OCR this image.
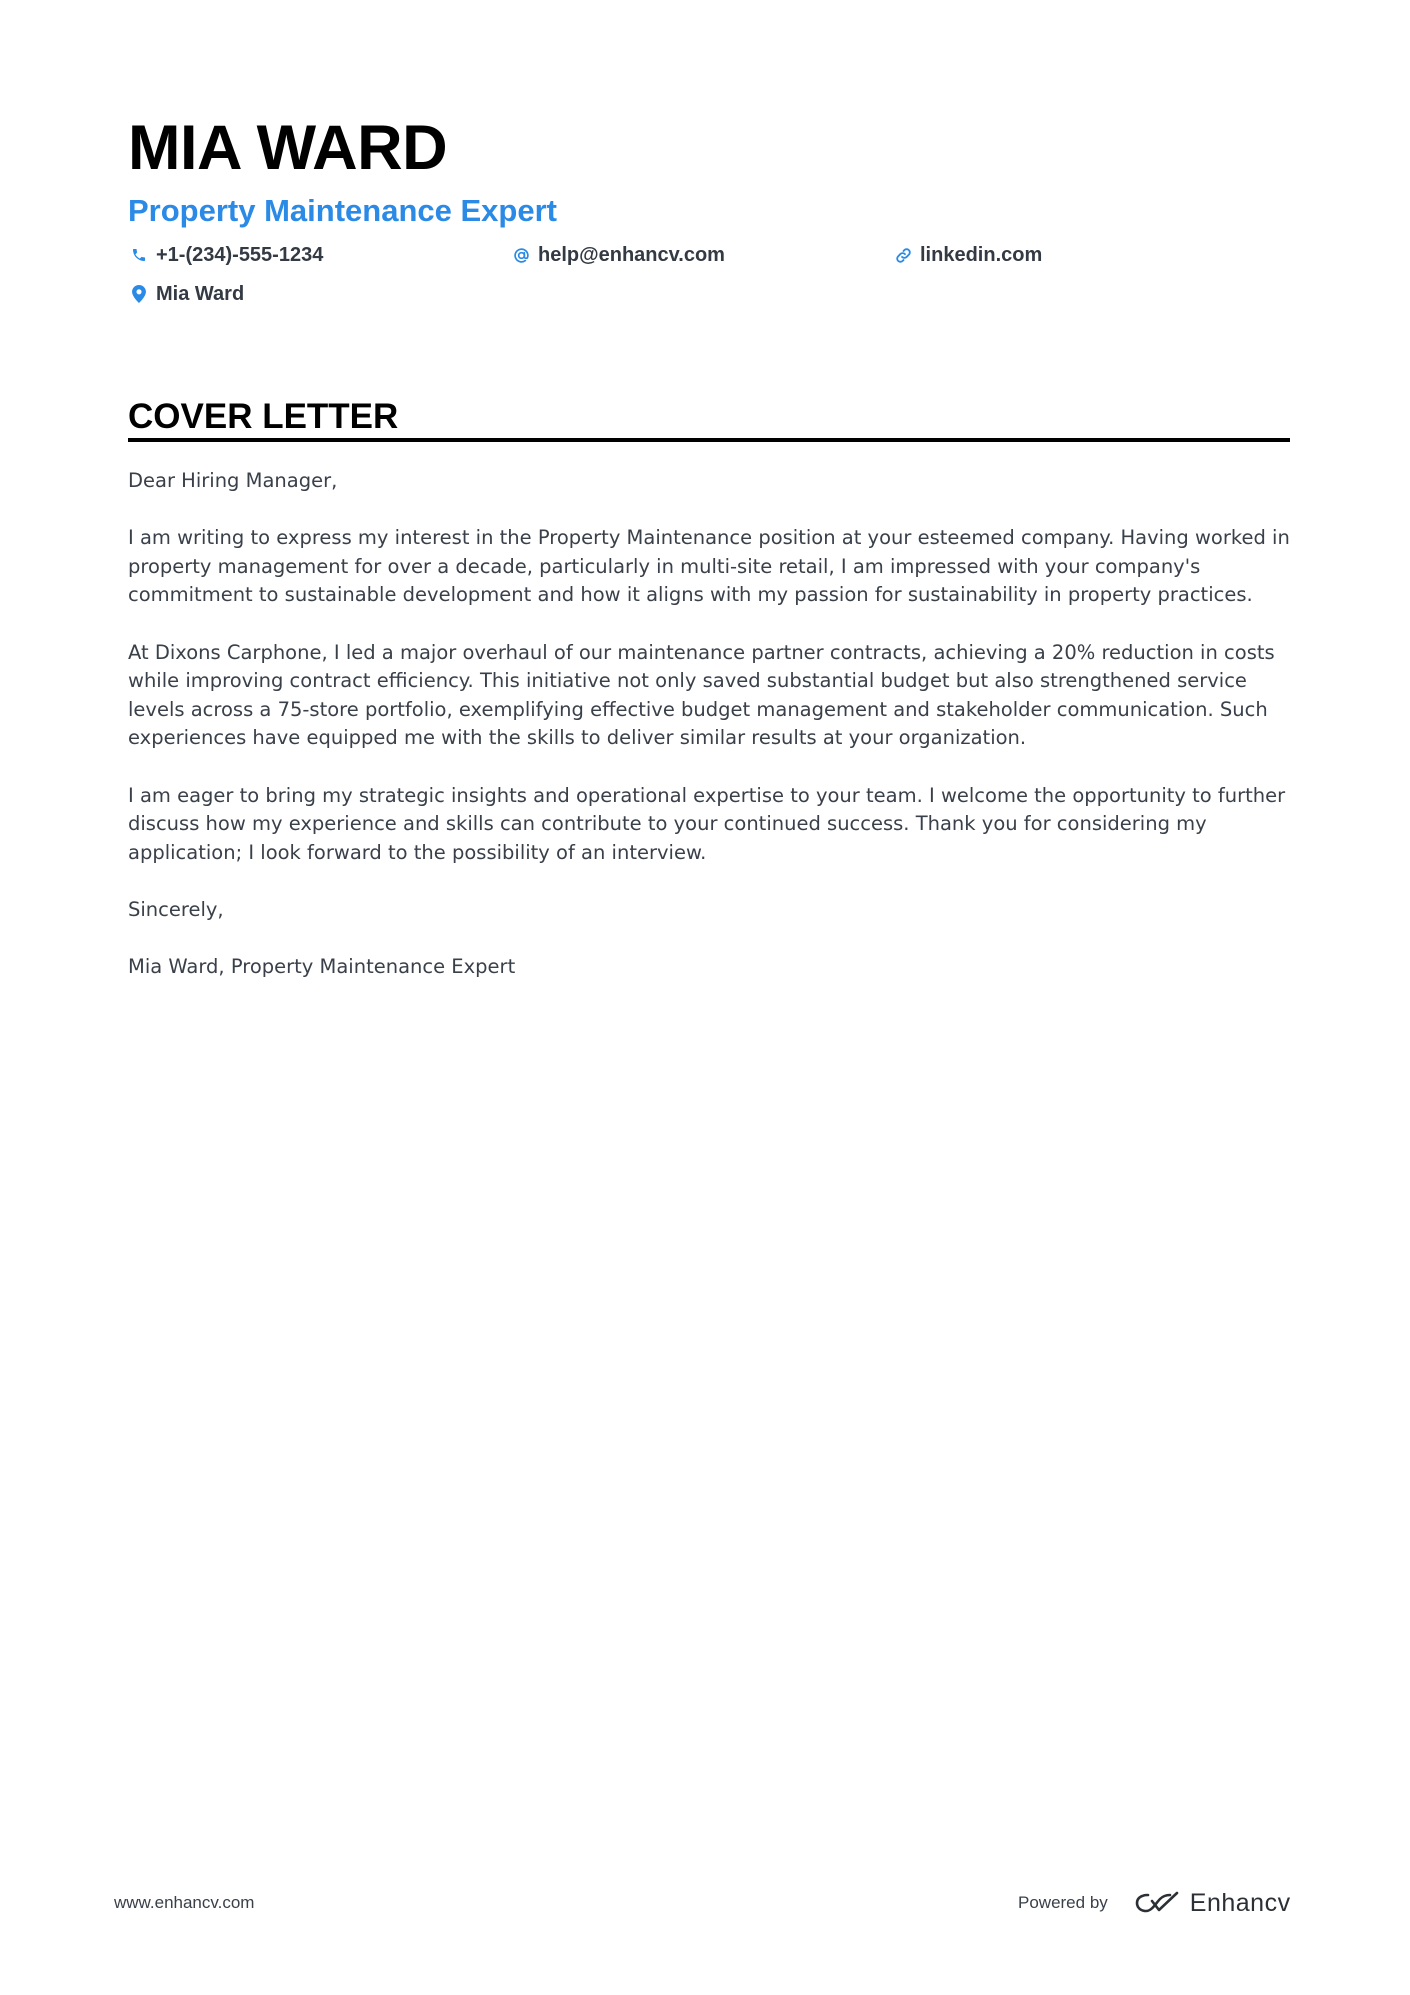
MIA WARD
Property Maintenance Expert
+1-(234)-555-1234	help@enhancv.com	linkedin.com
Mia Ward
COVER LETTER

Dear Hiring Manager,

I am writing to express my interest in the Property Maintenance position at your esteemed company. Having worked in property management for over a decade, particularly in multi-site retail, I am impressed with your company's commitment to sustainable development and how it aligns with my passion for sustainability in property practices.

At Dixons Carphone, I led a major overhaul of our maintenance partner contracts, achieving a 20% reduction in costs while improving contract efficiency. This initiative not only saved substantial budget but also strengthened service levels across a 75-store portfolio, exemplifying effective budget management and stakeholder communication. Such experiences have equipped me with the skills to deliver similar results at your organization.

I am eager to bring my strategic insights and operational expertise to your team. I welcome the opportunity to further discuss how my experience and skills can contribute to your continued success. Thank you for considering my application; I look forward to the possibility of an interview.

Sincerely,

Mia Ward, Property Maintenance Expert

www.enhancv.com	Powered by	Enhancv
